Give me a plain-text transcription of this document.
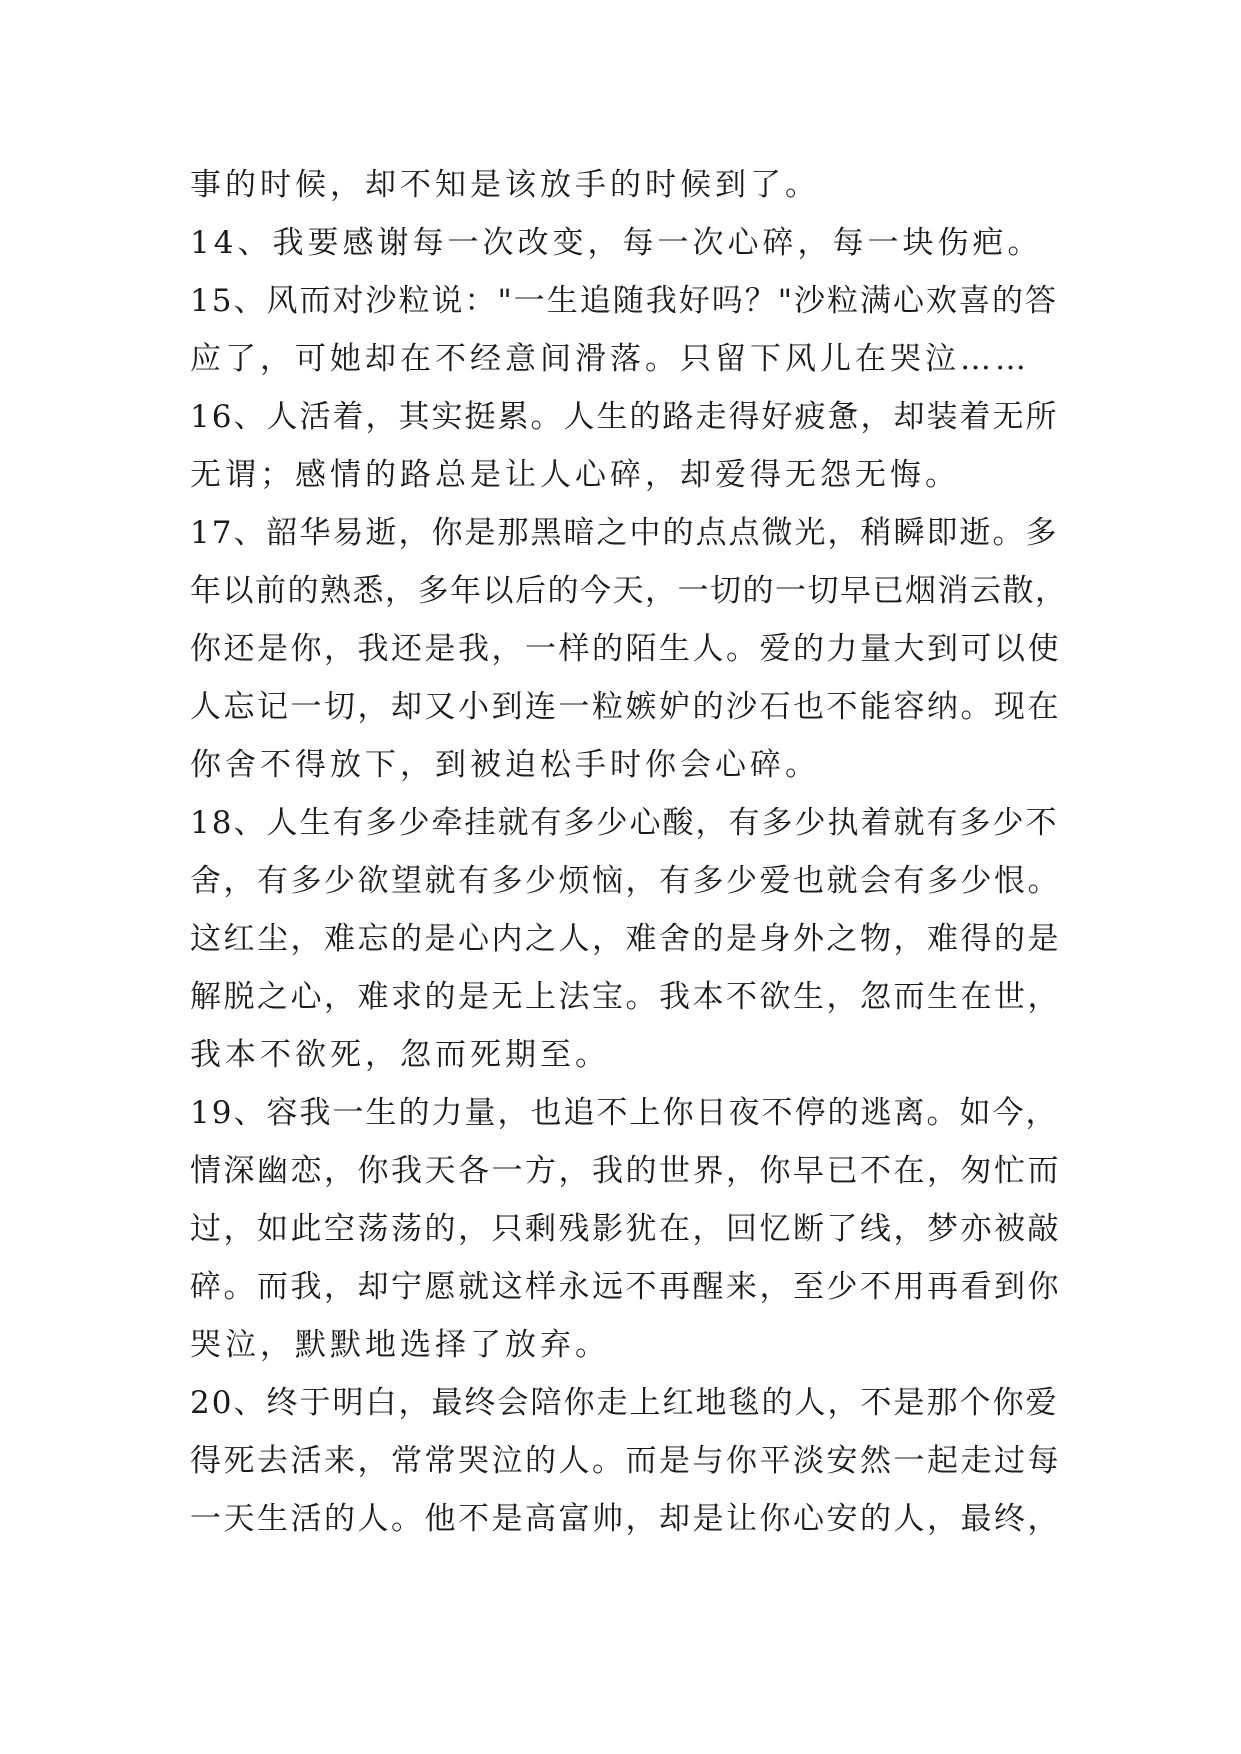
事的时候，却不知是该放手的时候到了。
14、我要感谢每一次改变，每一次心碎，每一块伤疤。
15、风而对沙粒说："一生追随我好吗？"沙粒满心欢喜的答
应了，可她却在不经意间滑落。只留下风儿在哭泣……
16、人活着，其实挺累。人生的路走得好疲惫，却装着无所
无谓；感情的路总是让人心碎，却爱得无怨无悔。
17、韶华易逝，你是那黑暗之中的点点微光，稍瞬即逝。多
年以前的熟悉，多年以后的今天，一切的一切早已烟消云散，
你还是你，我还是我，一样的陌生人。爱的力量大到可以使
人忘记一切，却又小到连一粒嫉妒的沙石也不能容纳。现在
你舍不得放下，到被迫松手时你会心碎。
18、人生有多少牵挂就有多少心酸，有多少执着就有多少不
舍，有多少欲望就有多少烦恼，有多少爱也就会有多少恨。
这红尘，难忘的是心内之人，难舍的是身外之物，难得的是
解脱之心，难求的是无上法宝。我本不欲生，忽而生在世，
我本不欲死，忽而死期至。
19、容我一生的力量，也追不上你日夜不停的逃离。如今，
情深幽恋，你我天各一方，我的世界，你早已不在，匆忙而
过，如此空荡荡的，只剩残影犹在，回忆断了线，梦亦被敲
碎。而我，却宁愿就这样永远不再醒来，至少不用再看到你
哭泣，默默地选择了放弃。
20、终于明白，最终会陪你走上红地毯的人，不是那个你爱
得死去活来，常常哭泣的人。而是与你平淡安然一起走过每
一天生活的人。他不是高富帅，却是让你心安的人，最终，
